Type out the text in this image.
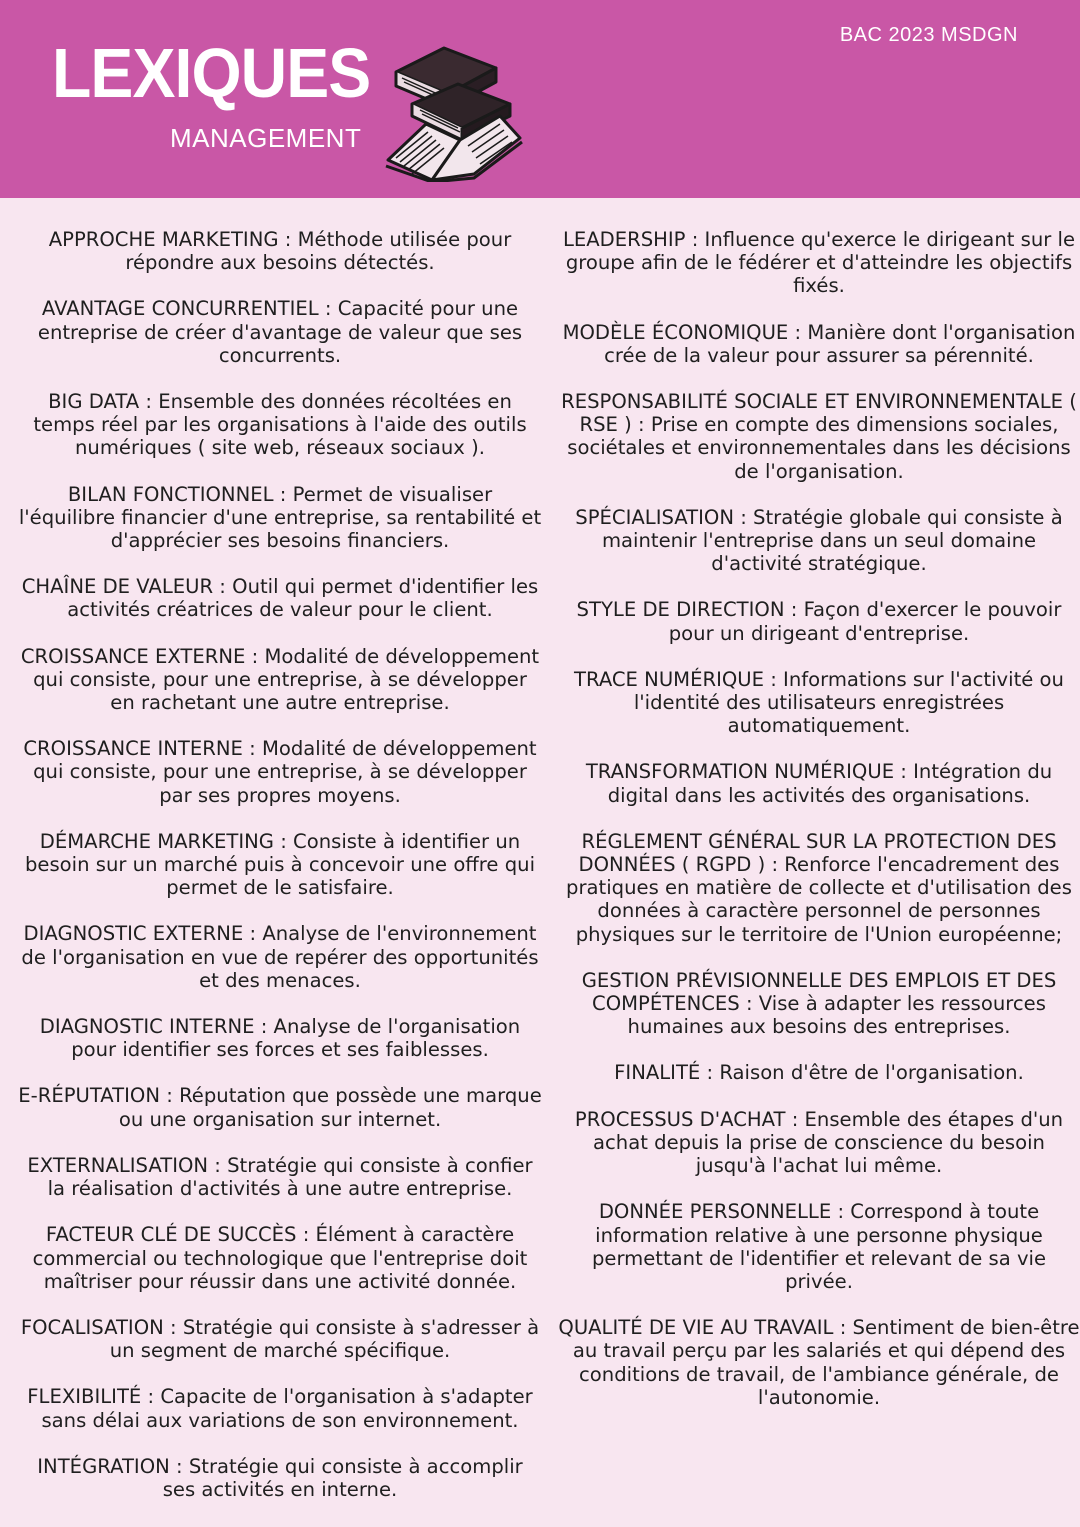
LEXIQUES
MANAGEMENT
BAC 2023 MSDGN

APPROCHE MARKETING : Méthode utilisée pour répondre aux besoins détectés.

AVANTAGE CONCURRENTIEL : Capacité pour une entreprise de créer d'avantage de valeur que ses concurrents.

BIG DATA : Ensemble des données récoltées en temps réel par les organisations à l'aide des outils numériques ( site web, réseaux sociaux ).

BILAN FONCTIONNEL : Permet de visualiser l'équilibre financier d'une entreprise, sa rentabilité et d'apprécier ses besoins financiers.

CHAÎNE DE VALEUR : Outil qui permet d'identifier les activités créatrices de valeur pour le client.

CROISSANCE EXTERNE : Modalité de développement qui consiste, pour une entreprise, à se développer en rachetant une autre entreprise.

CROISSANCE INTERNE : Modalité de développement qui consiste, pour une entreprise, à se développer par ses propres moyens.

DÉMARCHE MARKETING : Consiste à identifier un besoin sur un marché puis à concevoir une offre qui permet de le satisfaire.

DIAGNOSTIC EXTERNE : Analyse de l'environnement de l'organisation en vue de repérer des opportunités et des menaces.

DIAGNOSTIC INTERNE : Analyse de l'organisation pour identifier ses forces et ses faiblesses.

E-RÉPUTATION : Réputation que possède une marque ou une organisation sur internet.

EXTERNALISATION : Stratégie qui consiste à confier la réalisation d'activités à une autre entreprise.

FACTEUR CLÉ DE SUCCÈS : Élément à caractère commercial ou technologique que l'entreprise doit maîtriser pour réussir dans une activité donnée.

FOCALISATION : Stratégie qui consiste à s'adresser à un segment de marché spécifique.

FLEXIBILITÉ : Capacite de l'organisation à s'adapter sans délai aux variations de son environnement.

INTÉGRATION : Stratégie qui consiste à accomplir ses activités en interne.

LEADERSHIP : Influence qu'exerce le dirigeant sur le groupe afin de le fédérer et d'atteindre les objectifs fixés.

MODÈLE ÉCONOMIQUE : Manière dont l'organisation crée de la valeur pour assurer sa pérennité.

RESPONSABILITÉ SOCIALE ET ENVIRONNEMENTALE ( RSE ) : Prise en compte des dimensions sociales, sociétales et environnementales dans les décisions de l'organisation.

SPÉCIALISATION : Stratégie globale qui consiste à maintenir l'entreprise dans un seul domaine d'activité stratégique.

STYLE DE DIRECTION : Façon d'exercer le pouvoir pour un dirigeant d'entreprise.

TRACE NUMÉRIQUE : Informations sur l'activité ou l'identité des utilisateurs enregistrées automatiquement.

TRANSFORMATION NUMÉRIQUE : Intégration du digital dans les activités des organisations.

RÉGLEMENT GÉNÉRAL SUR LA PROTECTION DES DONNÉES ( RGPD ) : Renforce l'encadrement des pratiques en matière de collecte et d'utilisation des données à caractère personnel de personnes physiques sur le territoire de l'Union européenne;

GESTION PRÉVISIONNELLE DES EMPLOIS ET DES COMPÉTENCES : Vise à adapter les ressources humaines aux besoins des entreprises.

FINALITÉ : Raison d'être de l'organisation.

PROCESSUS D'ACHAT : Ensemble des étapes d'un achat depuis la prise de conscience du besoin jusqu'à l'achat lui même.

DONNÉE PERSONNELLE : Correspond à toute information relative à une personne physique permettant de l'identifier et relevant de sa vie privée.

QUALITÉ DE VIE AU TRAVAIL : Sentiment de bien-être au travail perçu par les salariés et qui dépend des conditions de travail, de l'ambiance générale, de l'autonomie.
